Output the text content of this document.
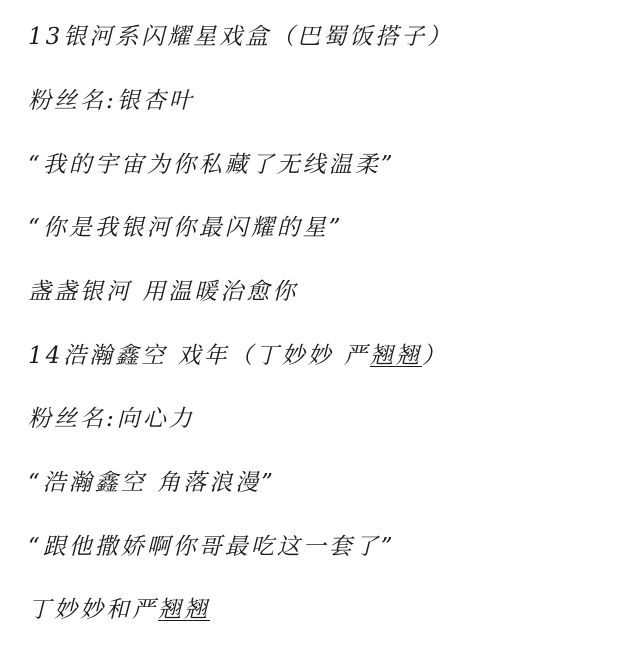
13银河系闪耀星戏盒（巴蜀饭搭子）
粉丝名:银杏叶
“我的宇宙为你私藏了无线温柔”
“你是我银河你最闪耀的星”
盏盏银河 用温暖治愈你
14浩瀚鑫空 戏年（丁妙妙 严翘翘）
粉丝名:向心力
“浩瀚鑫空 角落浪漫”
“跟他撒娇啊你哥最吃这一套了”
丁妙妙和严翘翘
